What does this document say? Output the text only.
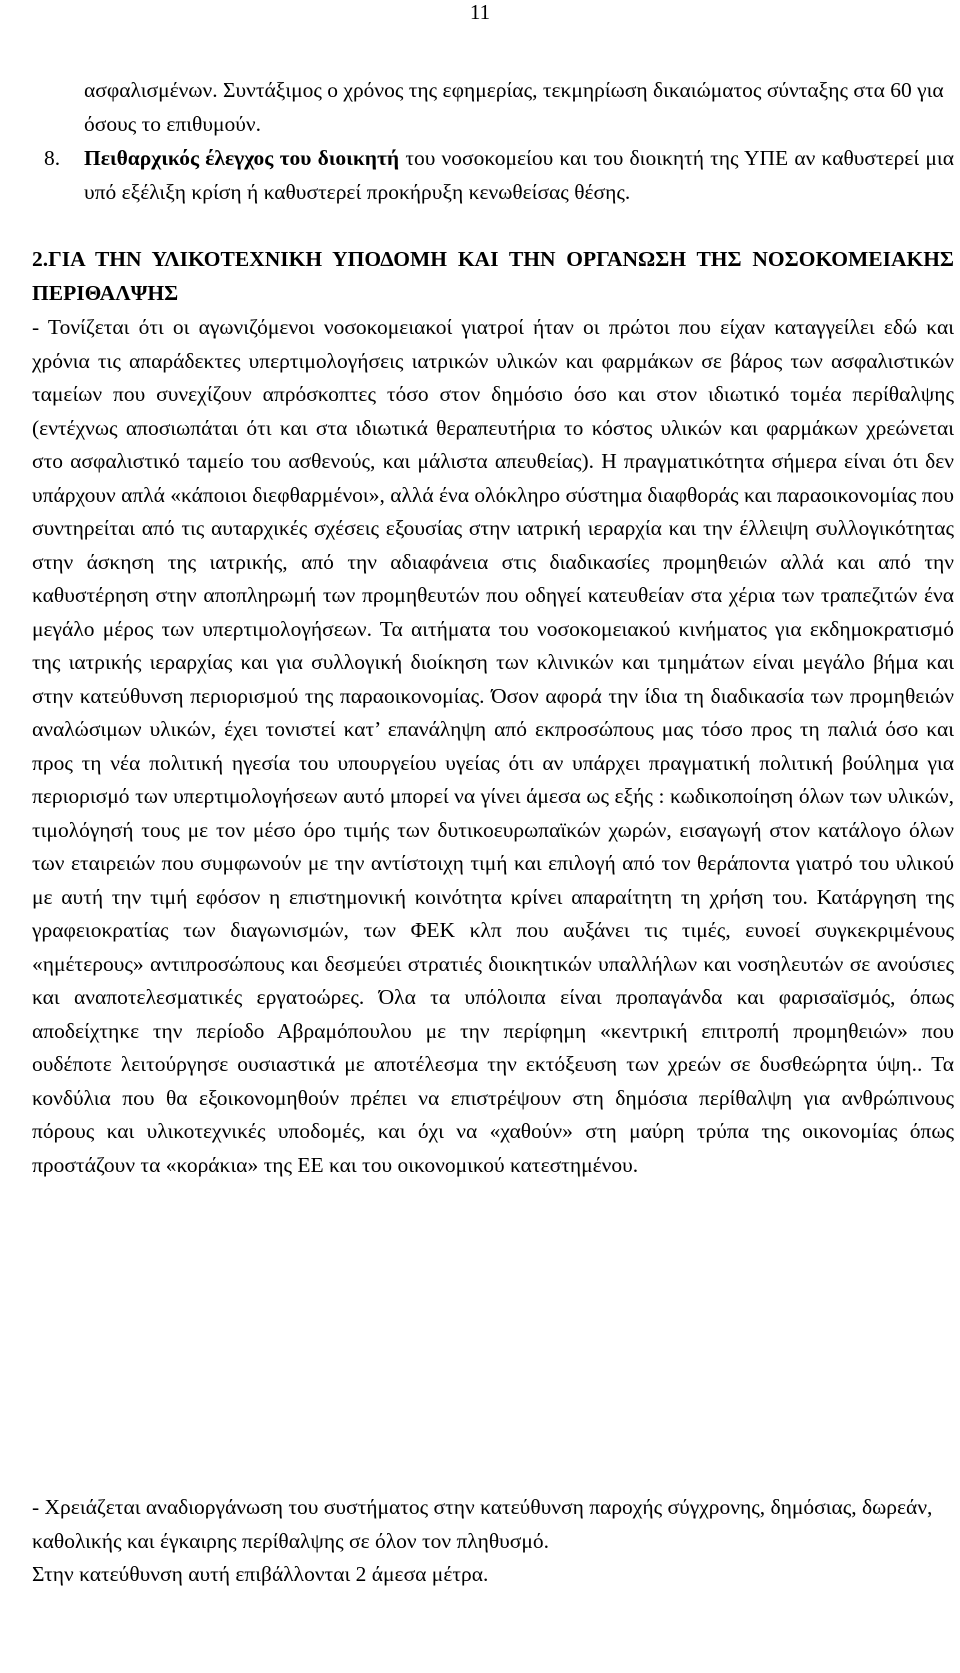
11

ασφαλισμένων. Συντάξιμος ο χρόνος της εφημερίας, τεκμηρίωση δικαιώματος σύνταξης στα 60 για όσους το επιθυμούν.

8. Πειθαρχικός έλεγχος του διοικητή του νοσοκομείου και του διοικητή της ΥΠΕ αν καθυστερεί μια υπό εξέλιξη κρίση ή καθυστερεί προκήρυξη κενωθείσας θέσης.
2.ΓΙΑ ΤΗΝ ΥΛΙΚΟΤΕΧΝΙΚΗ ΥΠΟΔΟΜΗ ΚΑΙ ΤΗΝ ΟΡΓΑΝΩΣΗ ΤΗΣ ΝΟΣΟΚΟΜΕΙΑΚΗΣ ΠΕΡΙΘΑΛΨΗΣ

- Τονίζεται ότι οι αγωνιζόμενοι νοσοκομειακοί γιατροί ήταν οι πρώτοι που είχαν καταγγείλει εδώ και χρόνια τις απαράδεκτες υπερτιμολογήσεις ιατρικών υλικών και φαρμάκων σε βάρος των ασφαλιστικών ταμείων που συνεχίζουν απρόσκοπτες τόσο στον δημόσιο όσο και στον ιδιωτικό τομέα περίθαλψης (εντέχνως αποσιωπάται ότι και στα ιδιωτικά θεραπευτήρια το κόστος υλικών και φαρμάκων χρεώνεται στο ασφαλιστικό ταμείο του ασθενούς, και μάλιστα απευθείας). Η πραγματικότητα σήμερα είναι ότι δεν υπάρχουν απλά «κάποιοι διεφθαρμένοι», αλλά ένα ολόκληρο σύστημα διαφθοράς και παραοικονομίας που συντηρείται από τις αυταρχικές σχέσεις εξουσίας στην ιατρική ιεραρχία και την έλλειψη συλλογικότητας στην άσκηση της ιατρικής, από την αδιαφάνεια στις διαδικασίες προμηθειών αλλά και από την καθυστέρηση στην αποπληρωμή των προμηθευτών που οδηγεί κατευθείαν στα χέρια των τραπεζιτών ένα μεγάλο μέρος των υπερτιμολογήσεων. Τα αιτήματα του νοσοκομειακού κινήματος για εκδημοκρατισμό της ιατρικής ιεραρχίας και για συλλογική διοίκηση των κλινικών και τμημάτων είναι μεγάλο βήμα και στην κατεύθυνση περιορισμού της παραοικονομίας. Όσον αφορά την ίδια τη διαδικασία των προμηθειών αναλώσιμων υλικών, έχει τονιστεί κατ’ επανάληψη από εκπροσώπους μας τόσο προς τη παλιά όσο και προς τη νέα πολιτική ηγεσία του υπουργείου υγείας ότι αν υπάρχει πραγματική πολιτική βούλημα για περιορισμό των υπερτιμολογήσεων αυτό μπορεί να γίνει άμεσα ως εξής : κωδικοποίηση όλων των υλικών, τιμολόγησή τους με τον μέσο όρο τιμής των δυτικοευρωπαϊκών χωρών, εισαγωγή στον κατάλογο όλων των εταιρειών που συμφωνούν με την αντίστοιχη τιμή και επιλογή από τον θεράποντα γιατρό του υλικού με αυτή την τιμή εφόσον η επιστημονική κοινότητα κρίνει απαραίτητη τη χρήση του. Κατάργηση της γραφειοκρατίας των διαγωνισμών, των ΦΕΚ κλπ που αυξάνει τις τιμές, ευνοεί συγκεκριμένους «ημέτερους» αντιπροσώπους και δεσμεύει στρατιές διοικητικών υπαλλήλων και νοσηλευτών σε ανούσιες και αναποτελεσματικές εργατοώρες. Όλα τα υπόλοιπα είναι προπαγάνδα και φαρισαϊσμός, όπως αποδείχτηκε την περίοδο Αβραμόπουλου με την περίφημη «κεντρική επιτροπή προμηθειών» που ουδέποτε λειτούργησε ουσιαστικά με αποτέλεσμα την εκτόξευση των χρεών σε δυσθεώρητα ύψη.. Τα κονδύλια που θα εξοικονομηθούν πρέπει να επιστρέψουν στη δημόσια περίθαλψη για ανθρώπινους πόρους και υλικοτεχνικές υποδομές, και όχι να «χαθούν» στη μαύρη τρύπα της οικονομίας όπως προστάζουν τα «κοράκια» της ΕΕ και του οικονομικού κατεστημένου.

- Χρειάζεται αναδιοργάνωση του συστήματος στην κατεύθυνση παροχής σύγχρονης, δημόσιας, δωρεάν, καθολικής και έγκαιρης περίθαλψης σε όλον τον πληθυσμό.

Στην κατεύθυνση αυτή επιβάλλονται 2 άμεσα μέτρα.
